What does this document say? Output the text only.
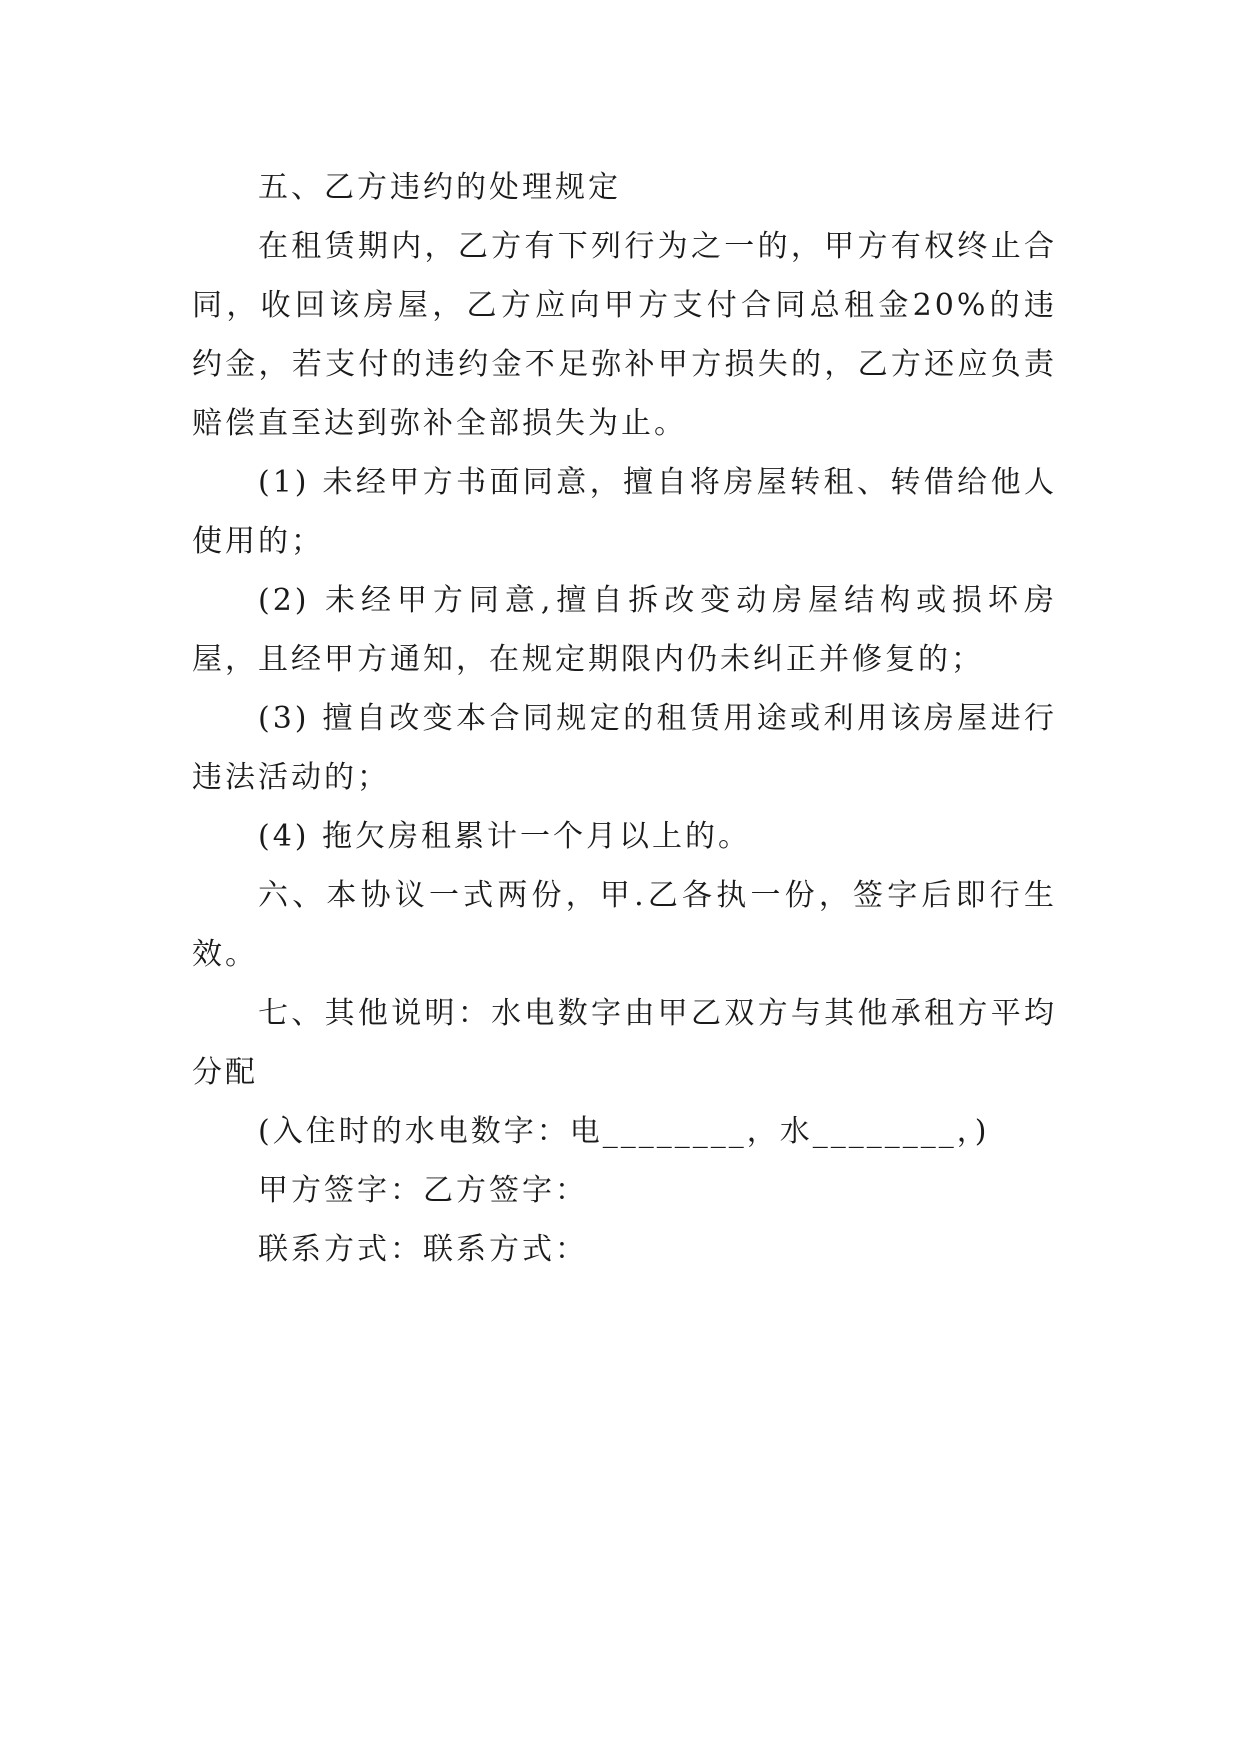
五、乙方违约的处理规定

在租赁期内，乙方有下列行为之一的，甲方有权终止合同，收回该房屋，乙方应向甲方支付合同总租金20%的违约金，若支付的违约金不足弥补甲方损失的，乙方还应负责赔偿直至达到弥补全部损失为止。

(1) 未经甲方书面同意，擅自将房屋转租、转借给他人使用的；

(2) 未经甲方同意,擅自拆改变动房屋结构或损坏房屋，且经甲方通知，在规定期限内仍未纠正并修复的；

(3) 擅自改变本合同规定的租赁用途或利用该房屋进行违法活动的；

(4) 拖欠房租累计一个月以上的。

六、本协议一式两份，甲.乙各执一份，签字后即行生效。

七、其他说明：水电数字由甲乙双方与其他承租方平均分配

(入住时的水电数字：电________，水________，)

甲方签字：乙方签字：

联系方式：联系方式：
